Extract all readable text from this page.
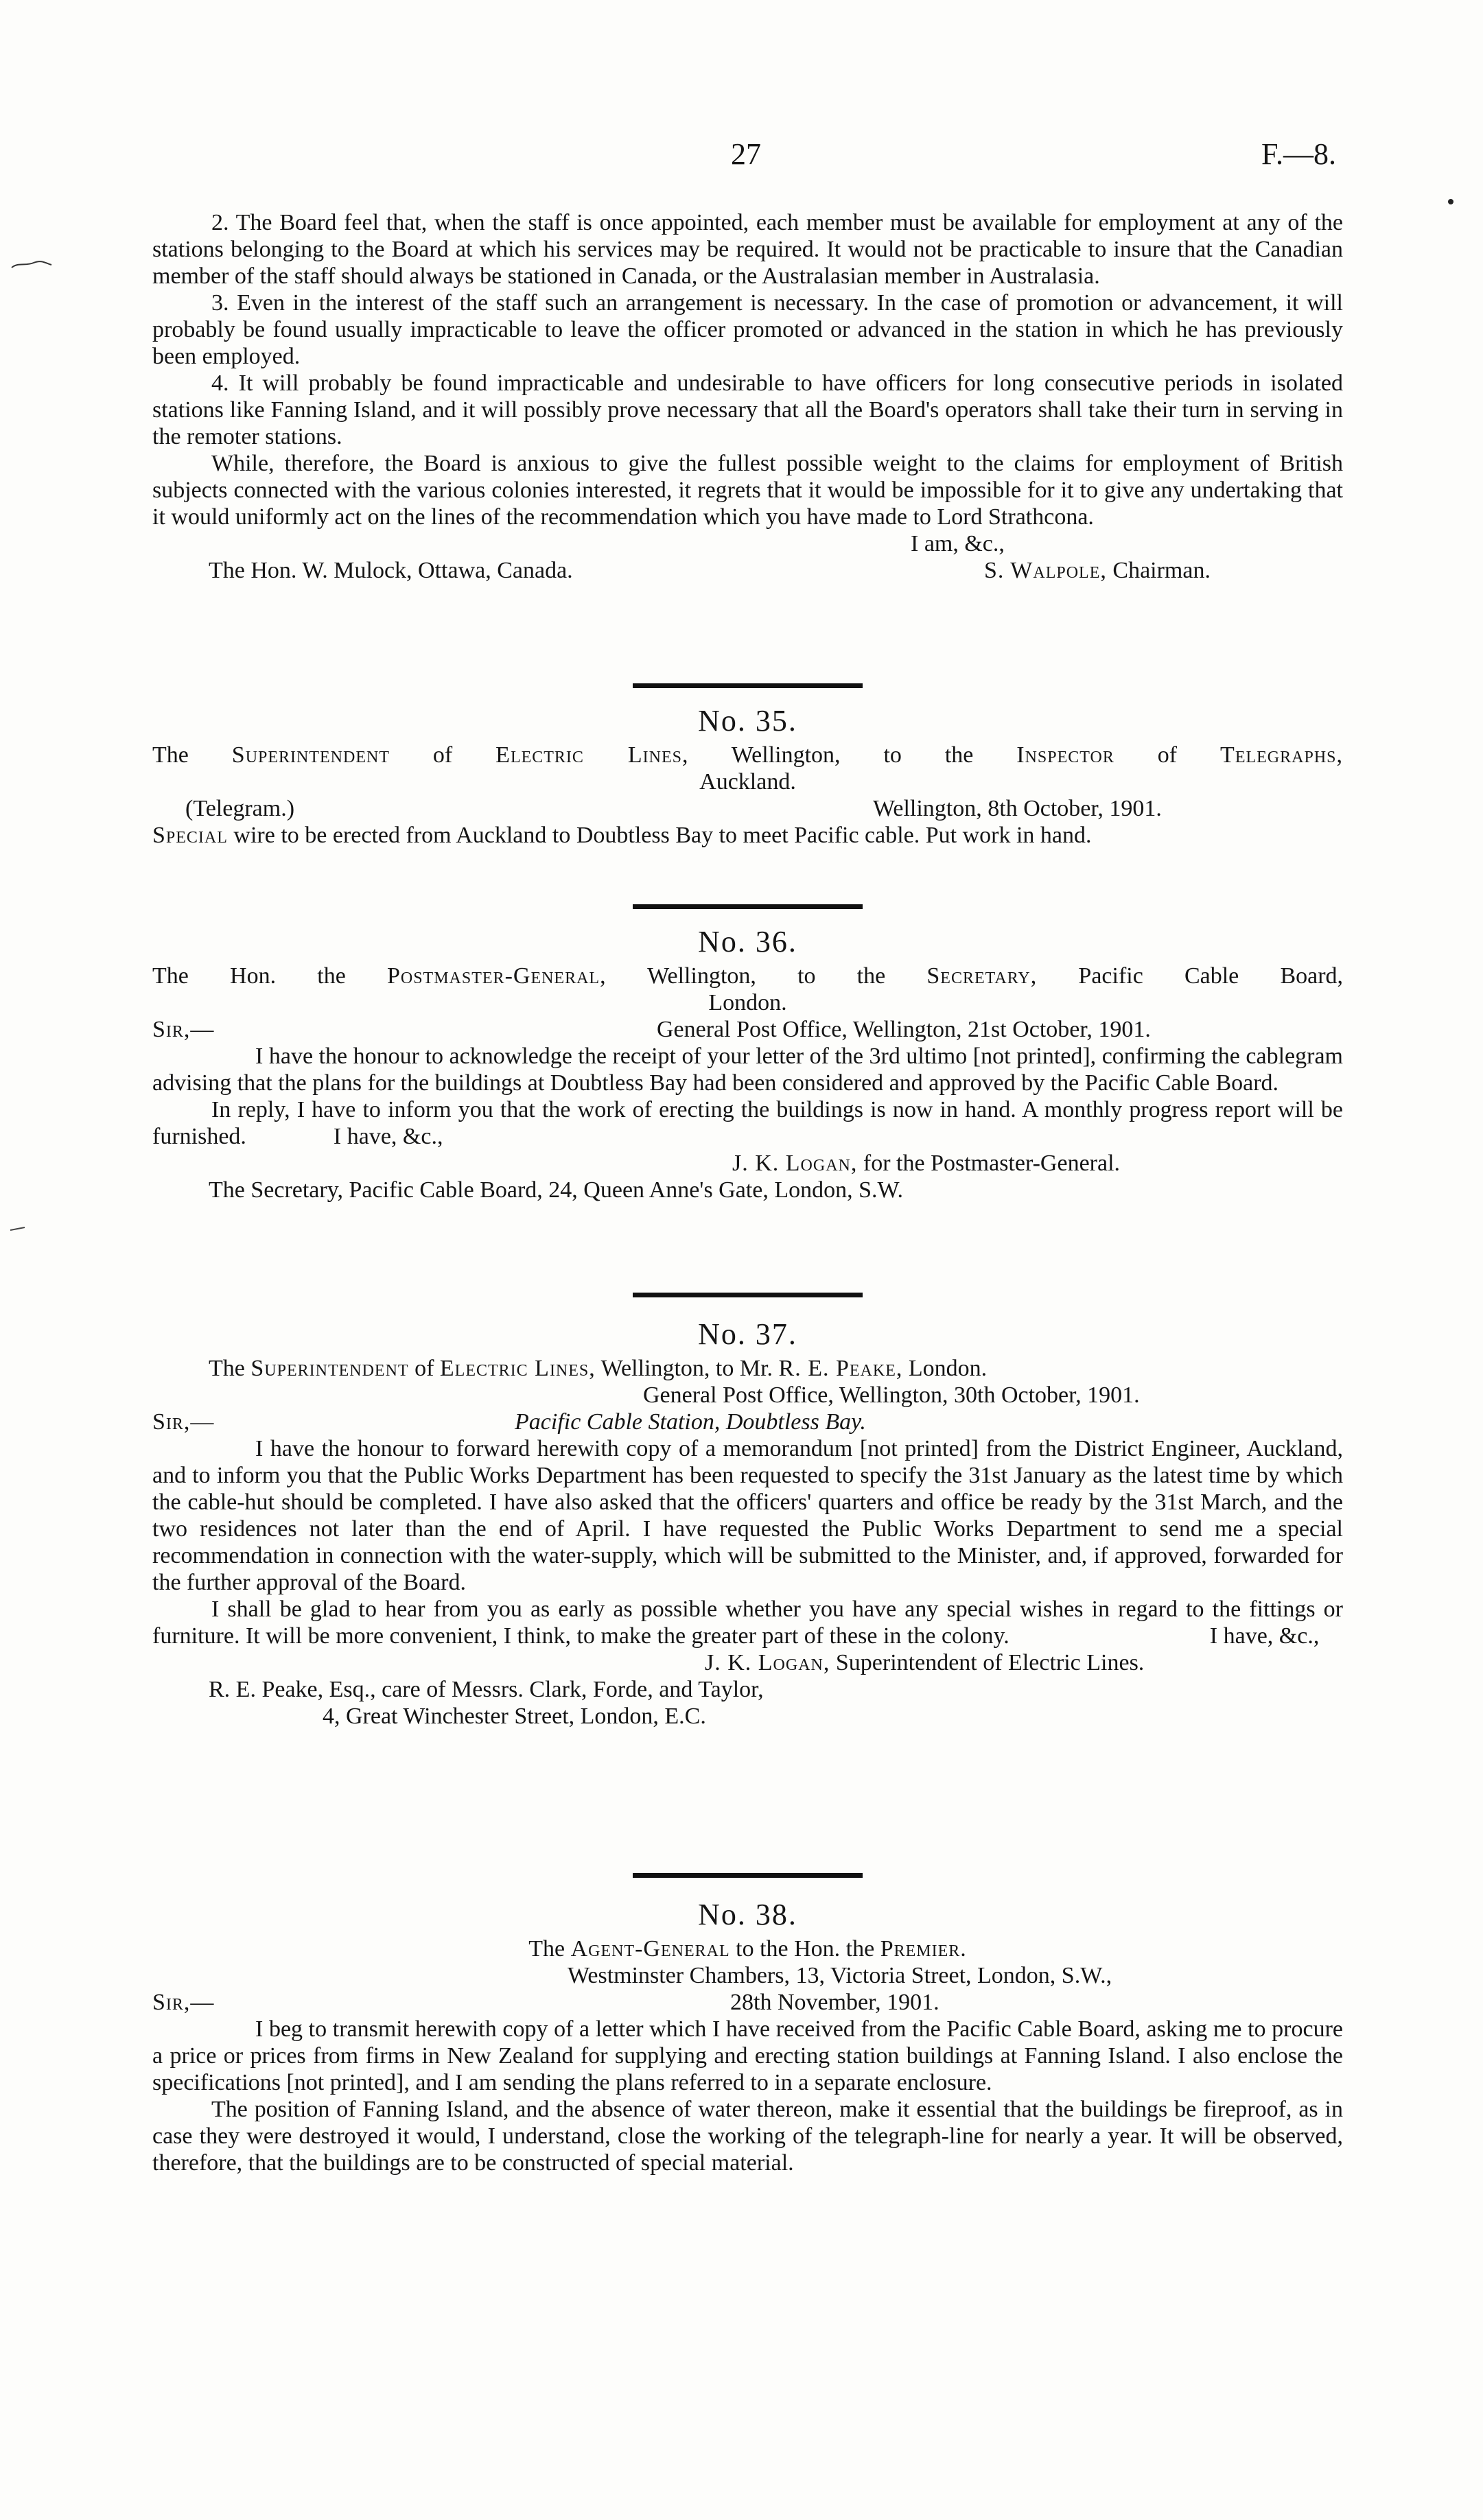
27	F.—8.

2. The Board feel that, when the staff is once appointed, each member must be available for employment at any of the stations belonging to the Board at which his services may be required. It would not be practicable to insure that the Canadian member of the staff should always be stationed in Canada, or the Australasian member in Australasia.

3. Even in the interest of the staff such an arrangement is necessary. In the case of promotion or advancement, it will probably be found usually impracticable to leave the officer promoted or advanced in the station in which he has previously been employed.

4. It will probably be found impracticable and undesirable to have officers for long consecutive periods in isolated stations like Fanning Island, and it will possibly prove necessary that all the Board's operators shall take their turn in serving in the remoter stations.

While, therefore, the Board is anxious to give the fullest possible weight to the claims for employment of British subjects connected with the various colonies interested, it regrets that it would be impossible for it to give any undertaking that it would uniformly act on the lines of the recommendation which you have made to Lord Strathcona.

I am, &c.,
The Hon. W. Mulock, Ottawa, Canada.	S. Walpole, Chairman.
No. 35.

The Superintendent of Electric Lines, Wellington, to the Inspector of Telegraphs,

Auckland.
(Telegram.)	Wellington, 8th October, 1901.

Special wire to be erected from Auckland to Doubtless Bay to meet Pacific cable. Put work in hand.

No. 36.

The Hon. the Postmaster-General, Wellington, to the Secretary, Pacific Cable Board,

London.
Sir,—	General Post Office, Wellington, 21st October, 1901.

I have the honour to acknowledge the receipt of your letter of the 3rd ultimo [not printed], confirming the cablegram advising that the plans for the buildings at Doubtless Bay had been considered and approved by the Pacific Cable Board.

In reply, I have to inform you that the work of erecting the buildings is now in hand. A monthly progress report will be furnished.	I have, &c.,

J. K. Logan, for the Postmaster-General.
The Secretary, Pacific Cable Board, 24, Queen Anne's Gate, London, S.W.
No. 37.
The Superintendent of Electric Lines, Wellington, to Mr. R. E. Peake, London.
General Post Office, Wellington, 30th October, 1901.
Sir,—	Pacific Cable Station, Doubtless Bay.

I have the honour to forward herewith copy of a memorandum [not printed] from the District Engineer, Auckland, and to inform you that the Public Works Department has been requested to specify the 31st January as the latest time by which the cable-hut should be completed. I have also asked that the officers' quarters and office be ready by the 31st March, and the two residences not later than the end of April. I have requested the Public Works Department to send me a special recommendation in connection with the water-supply, which will be submitted to the Minister, and, if approved, forwarded for the further approval of the Board.

I shall be glad to hear from you as early as possible whether you have any special wishes in regard to the fittings or furniture. It will be more convenient, I think, to make the greater part of these in the colony.	I have, &c.,

J. K. Logan, Superintendent of Electric Lines.
R. E. Peake, Esq., care of Messrs. Clark, Forde, and Taylor,
4, Great Winchester Street, London, E.C.
No. 38.
The Agent-General to the Hon. the Premier.
Westminster Chambers, 13, Victoria Street, London, S.W.,
Sir,—	28th November, 1901.

I beg to transmit herewith copy of a letter which I have received from the Pacific Cable Board, asking me to procure a price or prices from firms in New Zealand for supplying and erecting station buildings at Fanning Island. I also enclose the specifications [not printed], and I am sending the plans referred to in a separate enclosure.

The position of Fanning Island, and the absence of water thereon, make it essential that the buildings be fireproof, as in case they were destroyed it would, I understand, close the working of the telegraph-line for nearly a year. It will be observed, therefore, that the buildings are to be constructed of special material.
